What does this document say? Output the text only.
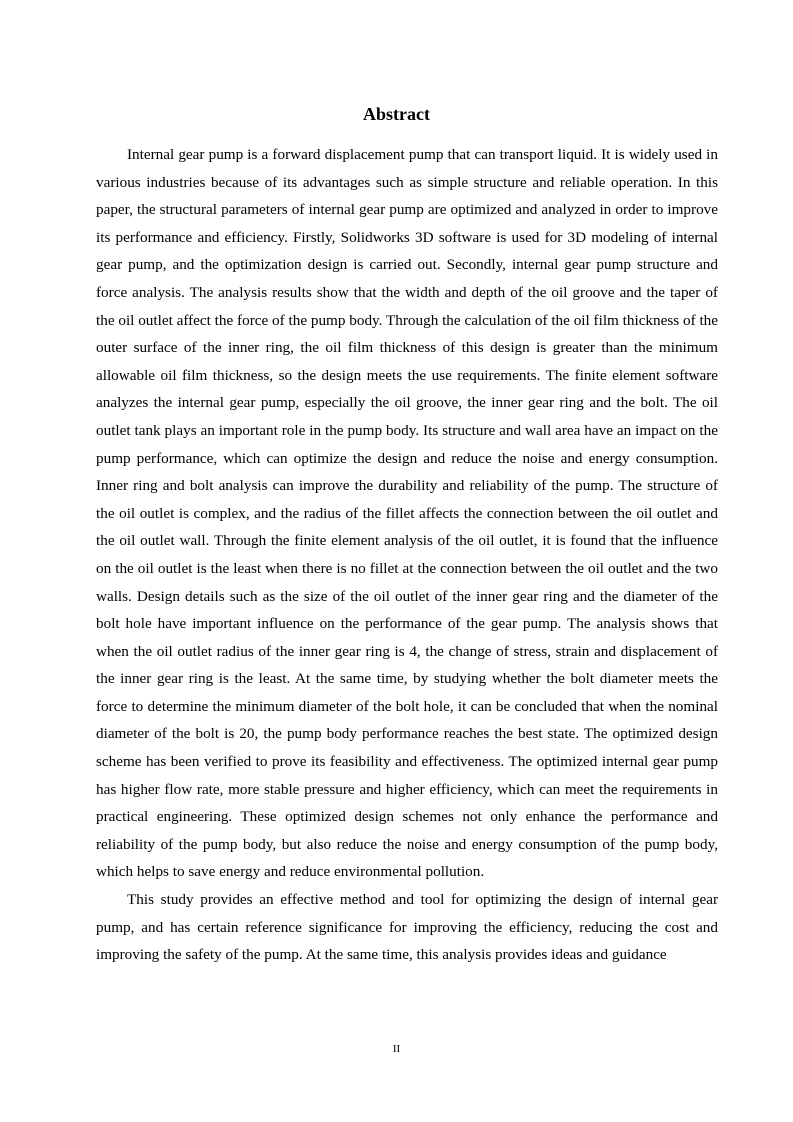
Abstract

Internal gear pump is a forward displacement pump that can transport liquid. It is widely used in various industries because of its advantages such as simple structure and reliable operation. In this paper, the structural parameters of internal gear pump are optimized and analyzed in order to improve its performance and efficiency. Firstly, Solidworks 3D software is used for 3D modeling of internal gear pump, and the optimization design is carried out. Secondly, internal gear pump structure and force analysis. The analysis results show that the width and depth of the oil groove and the taper of the oil outlet affect the force of the pump body. Through the calculation of the oil film thickness of the outer surface of the inner ring, the oil film thickness of this design is greater than the minimum allowable oil film thickness, so the design meets the use requirements. The finite element software analyzes the internal gear pump, especially the oil groove, the inner gear ring and the bolt. The oil outlet tank plays an important role in the pump body. Its structure and wall area have an impact on the pump performance, which can optimize the design and reduce the noise and energy consumption. Inner ring and bolt analysis can improve the durability and reliability of the pump. The structure of the oil outlet is complex, and the radius of the fillet affects the connection between the oil outlet and the oil outlet wall. Through the finite element analysis of the oil outlet, it is found that the influence on the oil outlet is the least when there is no fillet at the connection between the oil outlet and the two walls. Design details such as the size of the oil outlet of the inner gear ring and the diameter of the bolt hole have important influence on the performance of the gear pump. The analysis shows that when the oil outlet radius of the inner gear ring is 4, the change of stress, strain and displacement of the inner gear ring is the least. At the same time, by studying whether the bolt diameter meets the force to determine the minimum diameter of the bolt hole, it can be concluded that when the nominal diameter of the bolt is 20, the pump body performance reaches the best state. The optimized design scheme has been verified to prove its feasibility and effectiveness. The optimized internal gear pump has higher flow rate, more stable pressure and higher efficiency, which can meet the requirements in practical engineering. These optimized design schemes not only enhance the performance and reliability of the pump body, but also reduce the noise and energy consumption of the pump body, which helps to save energy and reduce environmental pollution.

This study provides an effective method and tool for optimizing the design of internal gear pump, and has certain reference significance for improving the efficiency, reducing the cost and improving the safety of the pump. At the same time, this analysis provides ideas and guidance

II
